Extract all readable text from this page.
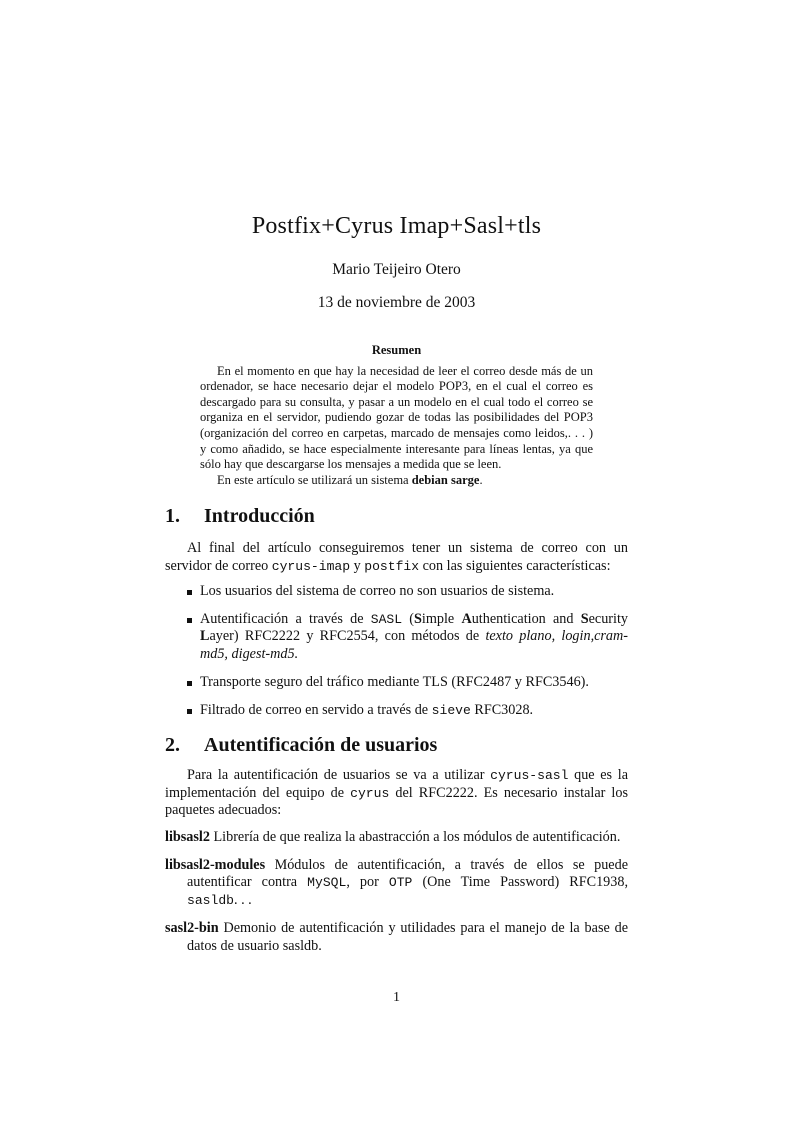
Postfix+Cyrus Imap+Sasl+tls
Mario Teijeiro Otero
13 de noviembre de 2003
Resumen

En el momento en que hay la necesidad de leer el correo desde más de un ordenador, se hace necesario dejar el modelo POP3, en el cual el correo es descargado para su consulta, y pasar a un modelo en el cual todo el correo se organiza en el servidor, pudiendo gozar de todas las posibilidades del POP3 (organización del correo en carpetas, marcado de mensajes como leidos,. . . ) y como añadido, se hace especialmente interesante para líneas lentas, ya que sólo hay que descargarse los mensajes a medida que se leen.

En este artículo se utilizará un sistema debian sarge.

1. Introducción

Al final del artículo conseguiremos tener un sistema de correo con un servidor de correo cyrus-imap y postfix con las siguientes características:

Los usuarios del sistema de correo no son usuarios de sistema.
Autentificación a través de SASL (Simple Authentication and Security Layer) RFC2222 y RFC2554, con métodos de texto plano, login,cram-md5, digest-md5.
Transporte seguro del tráfico mediante TLS (RFC2487 y RFC3546).
Filtrado de correo en servido a través de sieve RFC3028.
2. Autentificación de usuarios

Para la autentificación de usuarios se va a utilizar cyrus-sasl que es la implementación del equipo de cyrus del RFC2222. Es necesario instalar los paquetes adecuados:

libsasl2 Librería de que realiza la abastracción a los módulos de autentificación.
libsasl2-modules Módulos de autentificación, a través de ellos se puede autentificar contra MySQL, por OTP (One Time Password) RFC1938, sasldb. . .
sasl2-bin Demonio de autentificación y utilidades para el manejo de la base de datos de usuario sasldb.
1
